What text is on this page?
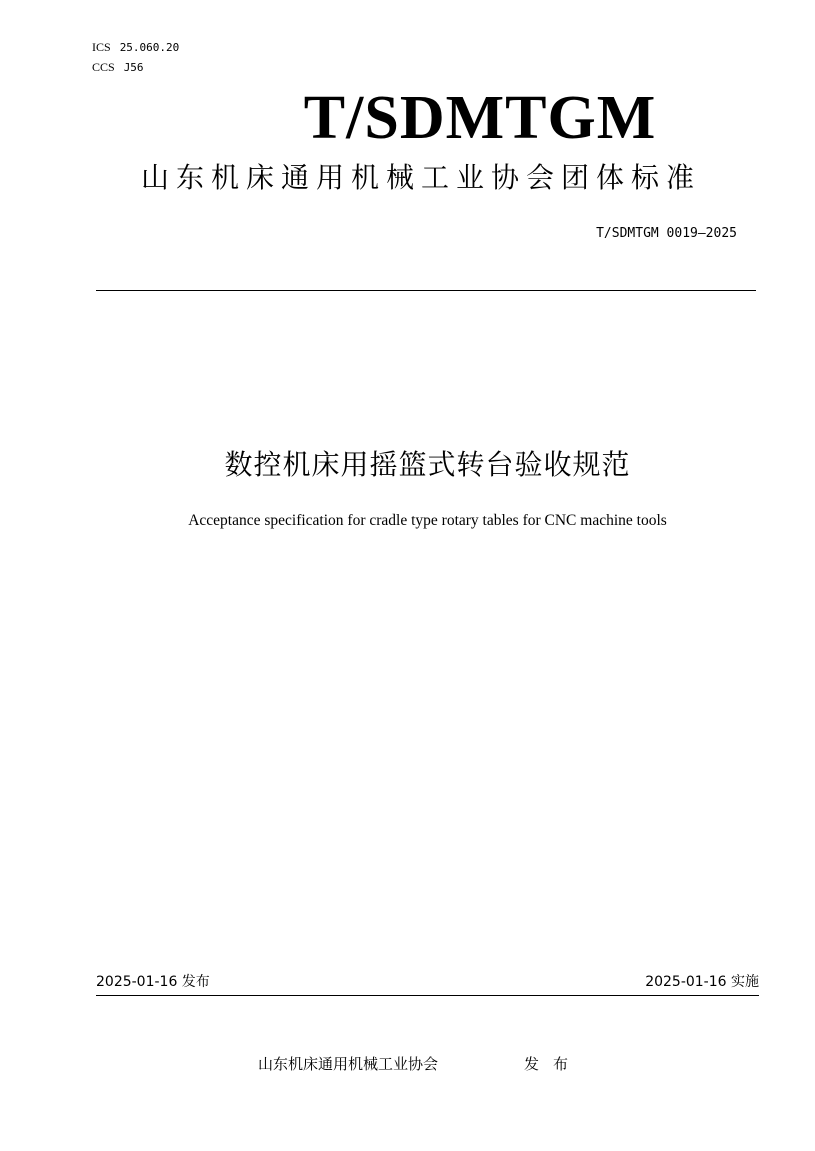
ICS 25.060.20
CCS J56
T/SDMTGM
山东机床通用机械工业协会团体标准
T/SDMTGM 0019—2025
数控机床用摇篮式转台验收规范
Acceptance specification for cradle type rotary tables for CNC machine tools
2025-01-16 发布	2025-01-16 实施
山东机床通用机械工业协会	发布
